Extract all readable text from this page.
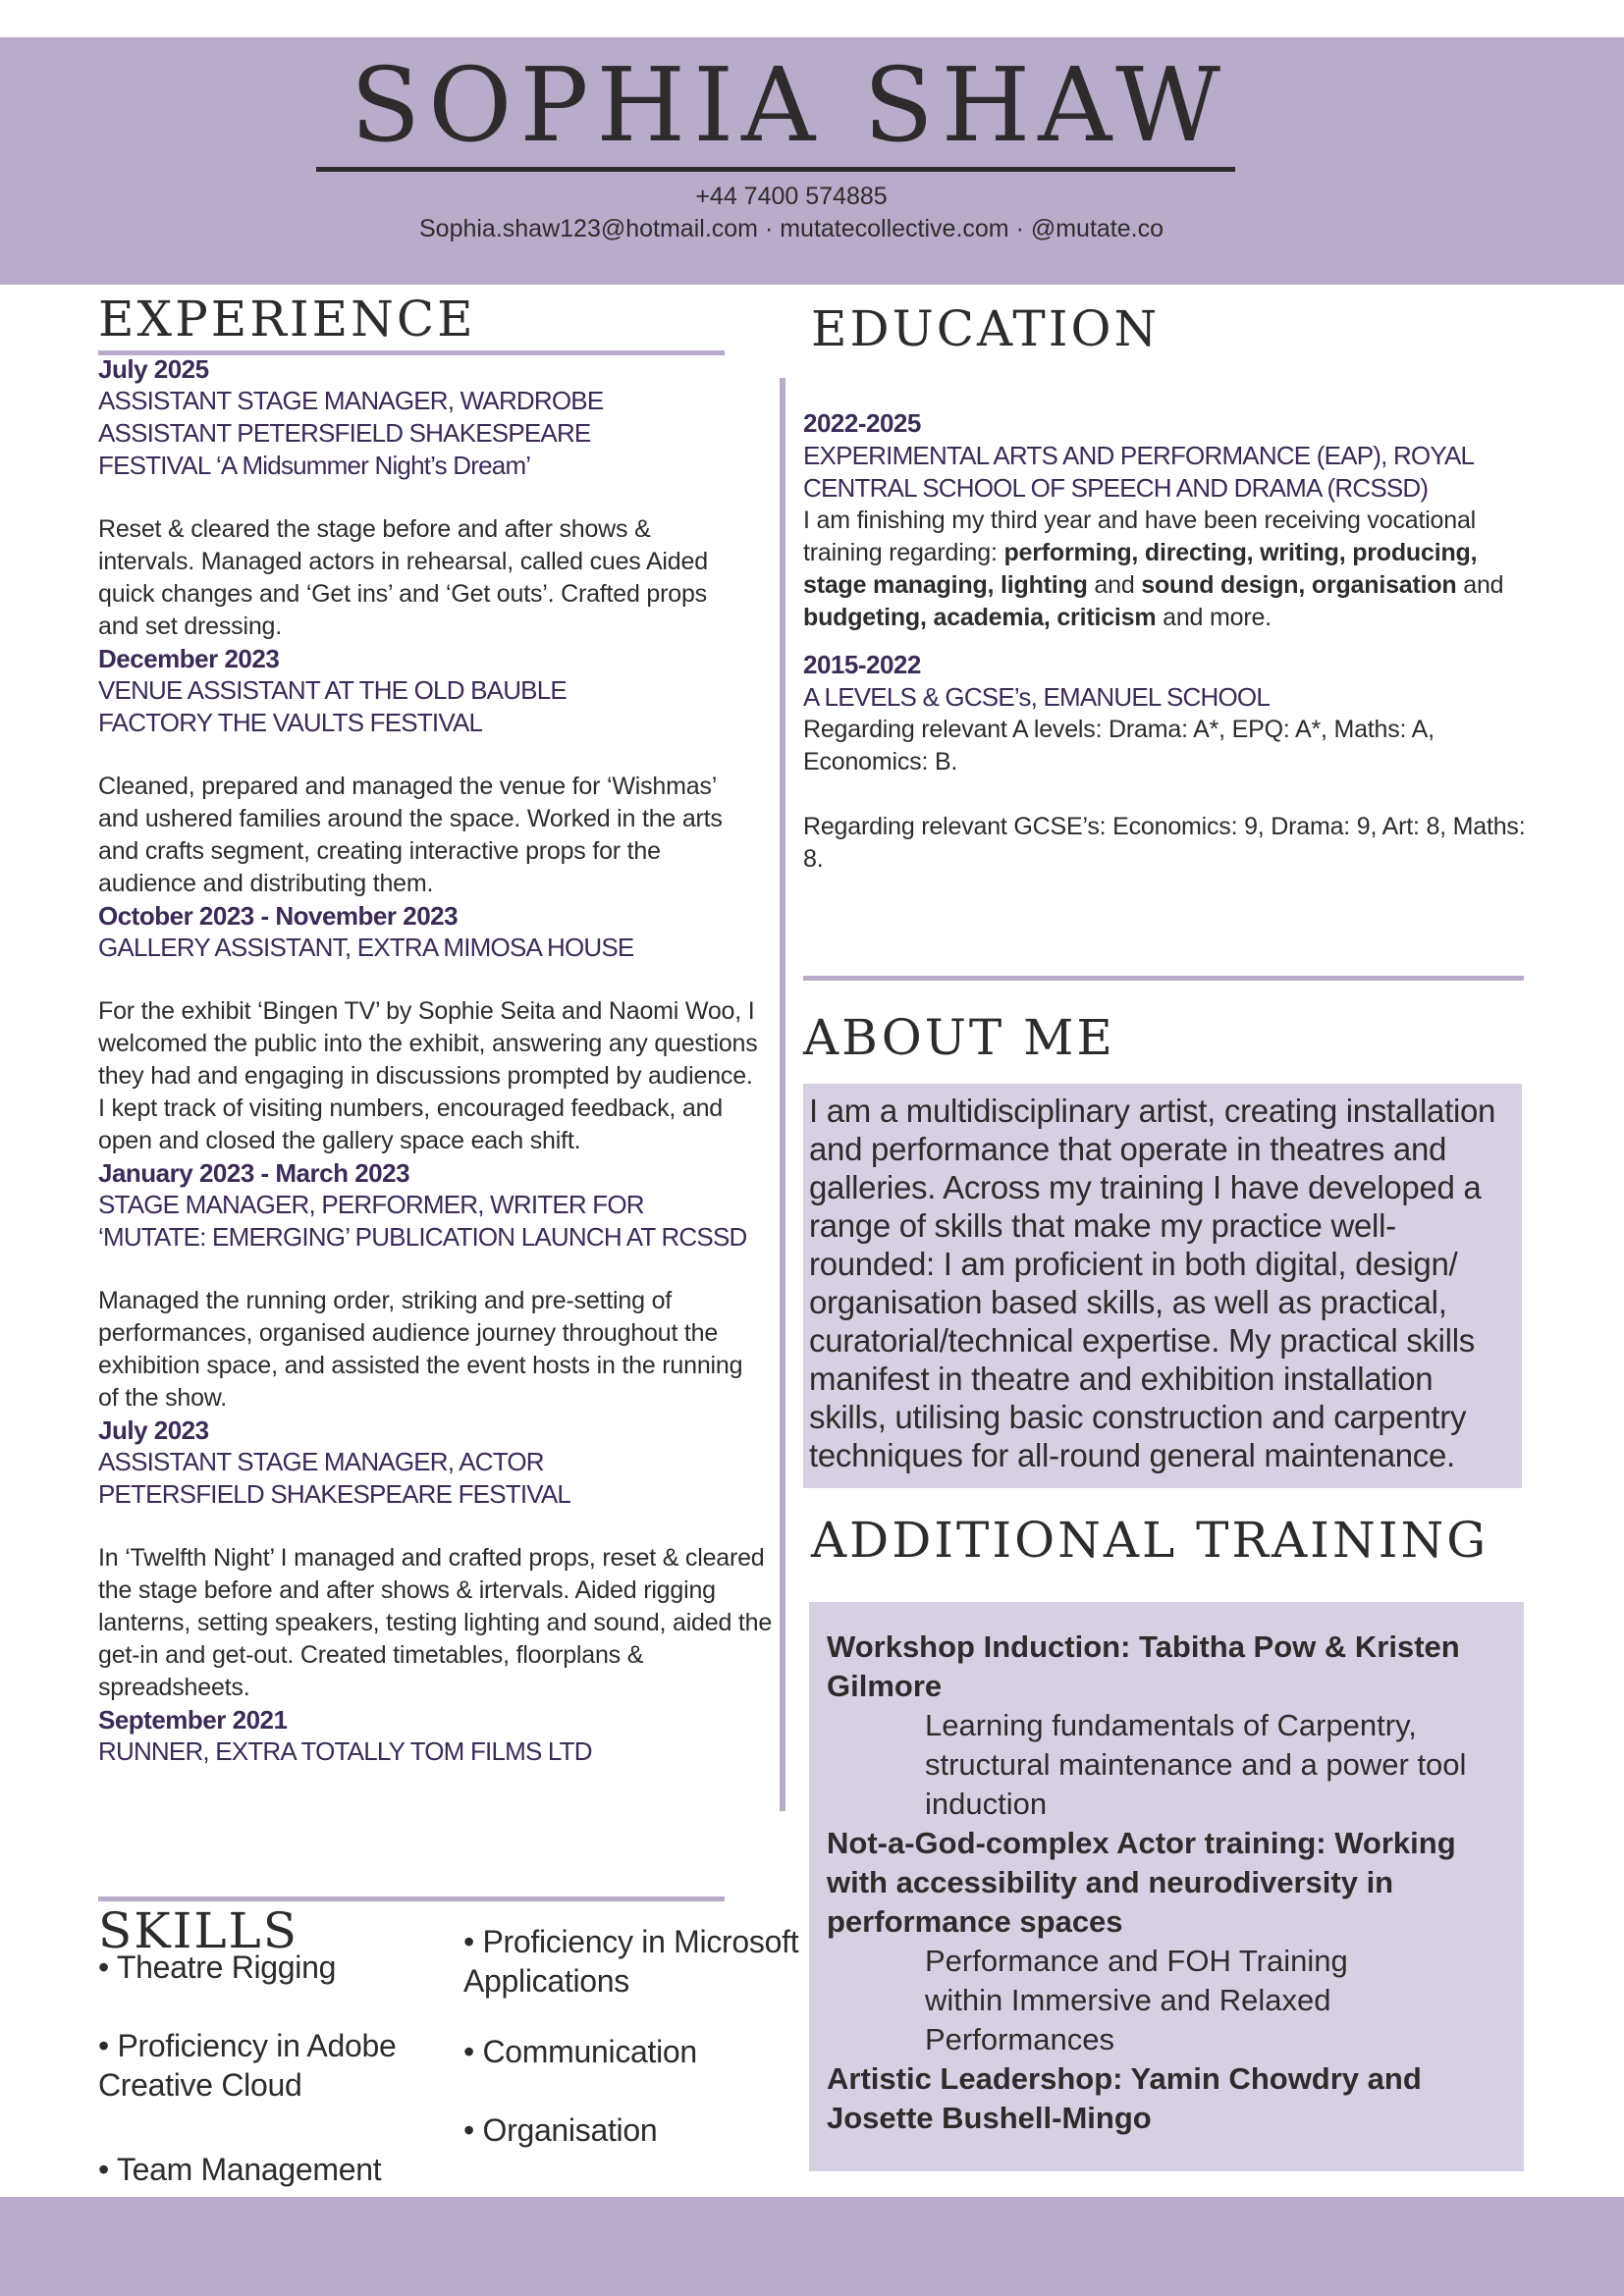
SOPHIA SHAW
+44 7400 574885
Sophia.shaw123@hotmail.com · mutatecollective.com · @mutate.co
EXPERIENCE
July 2025
ASSISTANT STAGE MANAGER, WARDROBE ASSISTANT PETERSFIELD SHAKESPEARE FESTIVAL ‘A Midsummer Night’s Dream’
Reset & cleared the stage before and after shows & intervals. Managed actors in rehearsal, called cues Aided quick changes and ‘Get ins’ and ‘Get outs’. Crafted props and set dressing.
December 2023
VENUE ASSISTANT AT THE OLD BAUBLE FACTORY THE VAULTS FESTIVAL
Cleaned, prepared and managed the venue for ‘Wishmas’ and ushered families around the space. Worked in the arts and crafts segment, creating interactive props for the audience and distributing them.
October 2023 - November 2023
GALLERY ASSISTANT, EXTRA MIMOSA HOUSE
For the exhibit ‘Bingen TV’ by Sophie Seita and Naomi Woo, I welcomed the public into the exhibit, answering any questions they had and engaging in discussions prompted by audience. I kept track of visiting numbers, encouraged feedback, and open and closed the gallery space each shift.
January 2023 - March 2023
STAGE MANAGER, PERFORMER, WRITER FOR ‘MUTATE: EMERGING’ PUBLICATION LAUNCH AT RCSSD
Managed the running order, striking and pre-setting of performances, organised audience journey throughout the exhibition space, and assisted the event hosts in the running of the show.
July 2023
ASSISTANT STAGE MANAGER, ACTOR PETERSFIELD SHAKESPEARE FESTIVAL
In ‘Twelfth Night’ I managed and crafted props, reset & cleared the stage before and after shows & irtervals. Aided rigging lanterns, setting speakers, testing lighting and sound, aided the get-in and get-out. Created timetables, floorplans & spreadsheets.
September 2021
RUNNER, EXTRA TOTALLY TOM FILMS LTD
SKILLS
• Theatre Rigging
• Proficiency in Adobe Creative Cloud
• Team Management
• Proficiency in Microsoft Applications
• Communication
• Organisation
EDUCATION
2022-2025
EXPERIMENTAL ARTS AND PERFORMANCE (EAP), ROYAL CENTRAL SCHOOL OF SPEECH AND DRAMA (RCSSD)
I am finishing my third year and have been receiving vocational training regarding: performing, directing, writing, producing, stage managing, lighting and sound design, organisation and budgeting, academia, criticism and more.
2015-2022
A LEVELS & GCSE’s, EMANUEL SCHOOL
Regarding relevant A levels: Drama: A*, EPQ: A*, Maths: A, Economics: B.
Regarding relevant GCSE’s: Economics: 9, Drama: 9, Art: 8, Maths: 8.
ABOUT ME
I am a multidisciplinary artist, creating installation and performance that operate in theatres and galleries. Across my training I have developed a range of skills that make my practice well-rounded: I am proficient in both digital, design/ organisation based skills, as well as practical, curatorial/technical expertise. My practical skills manifest in theatre and exhibition installation skills, utilising basic construction and carpentry techniques for all-round general maintenance.
ADDITIONAL TRAINING
Workshop Induction: Tabitha Pow & Kristen Gilmore
Learning fundamentals of Carpentry, structural maintenance and a power tool induction
Not-a-God-complex Actor training: Working with accessibility and neurodiversity in performance spaces
Performance and FOH Training within Immersive and Relaxed Performances
Artistic Leadershop: Yamin Chowdry and Josette Bushell-Mingo
